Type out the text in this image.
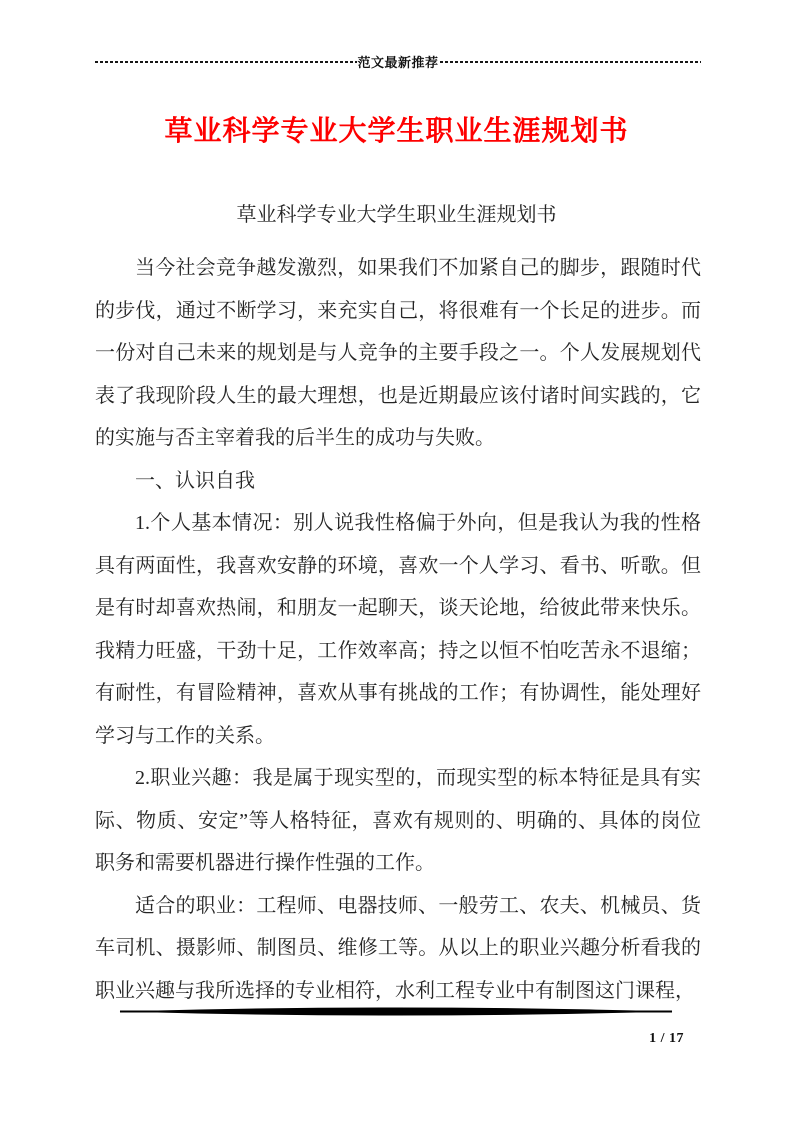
范文最新推荐
草业科学专业大学生职业生涯规划书
草业科学专业大学生职业生涯规划书

当今社会竞争越发激烈，如果我们不加紧自己的脚步，跟随时代的步伐，通过不断学习，来充实自己，将很难有一个长足的进步。而一份对自己未来的规划是与人竞争的主要手段之一。个人发展规划代表了我现阶段人生的最大理想，也是近期最应该付诸时间实践的，它的实施与否主宰着我的后半生的成功与失败。

一、认识自我

1.个人基本情况：别人说我性格偏于外向，但是我认为我的性格具有两面性，我喜欢安静的环境，喜欢一个人学习、看书、听歌。但是有时却喜欢热闹，和朋友一起聊天，谈天论地，给彼此带来快乐。我精力旺盛，干劲十足，工作效率高；持之以恒不怕吃苦永不退缩；有耐性，有冒险精神，喜欢从事有挑战的工作；有协调性，能处理好学习与工作的关系。

2.职业兴趣：我是属于现实型的，而现实型的标本特征是具有实际、物质、安定”等人格特征，喜欢有规则的、明确的、具体的岗位职务和需要机器进行操作性强的工作。

适合的职业：工程师、电器技师、一般劳工、农夫、机械员、货车司机、摄影师、制图员、维修工等。从以上的职业兴趣分析看我的职业兴趣与我所选择的专业相符，水利工程专业中有制图这门课程，

1 / 17
